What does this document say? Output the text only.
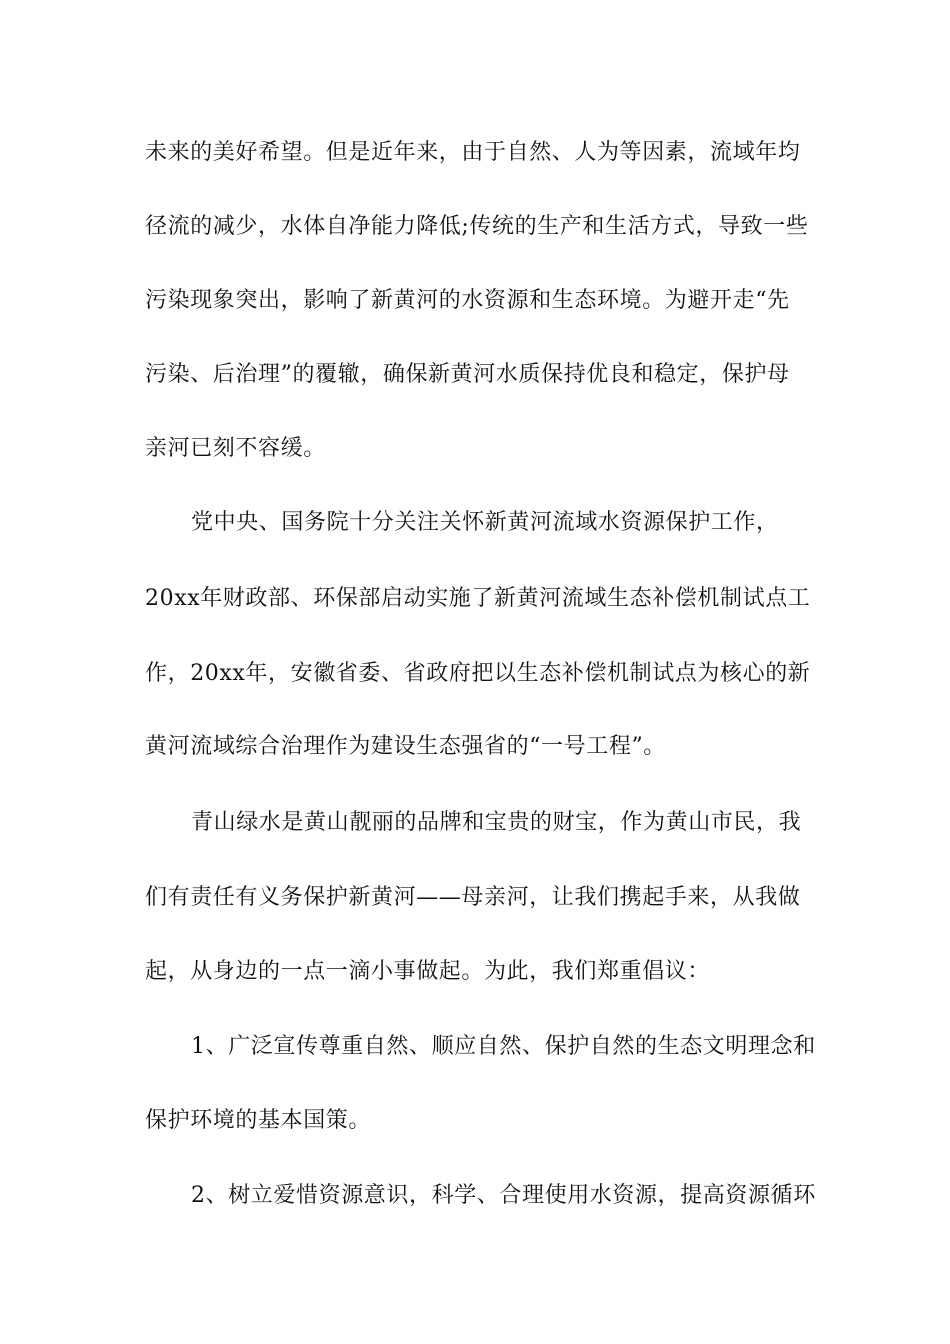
未来的美好希望。但是近年来，由于自然、人为等因素，流域年均
径流的减少，水体自净能力降低;传统的生产和生活方式，导致一些
污染现象突出，影响了新黄河的水资源和生态环境。为避开走“先
污染、后治理”的覆辙，确保新黄河水质保持优良和稳定，保护母
亲河已刻不容缓。
党中央、国务院十分关注关怀新黄河流域水资源保护工作，
20xx年财政部、环保部启动实施了新黄河流域生态补偿机制试点工
作，20xx年，安徽省委、省政府把以生态补偿机制试点为核心的新
黄河流域综合治理作为建设生态强省的“一号工程”。
青山绿水是黄山靓丽的品牌和宝贵的财宝，作为黄山市民，我
们有责任有义务保护新黄河——母亲河，让我们携起手来，从我做
起，从身边的一点一滴小事做起。为此，我们郑重倡议：
1、广泛宣传尊重自然、顺应自然、保护自然的生态文明理念和
保护环境的基本国策。
2、树立爱惜资源意识，科学、合理使用水资源，提高资源循环
